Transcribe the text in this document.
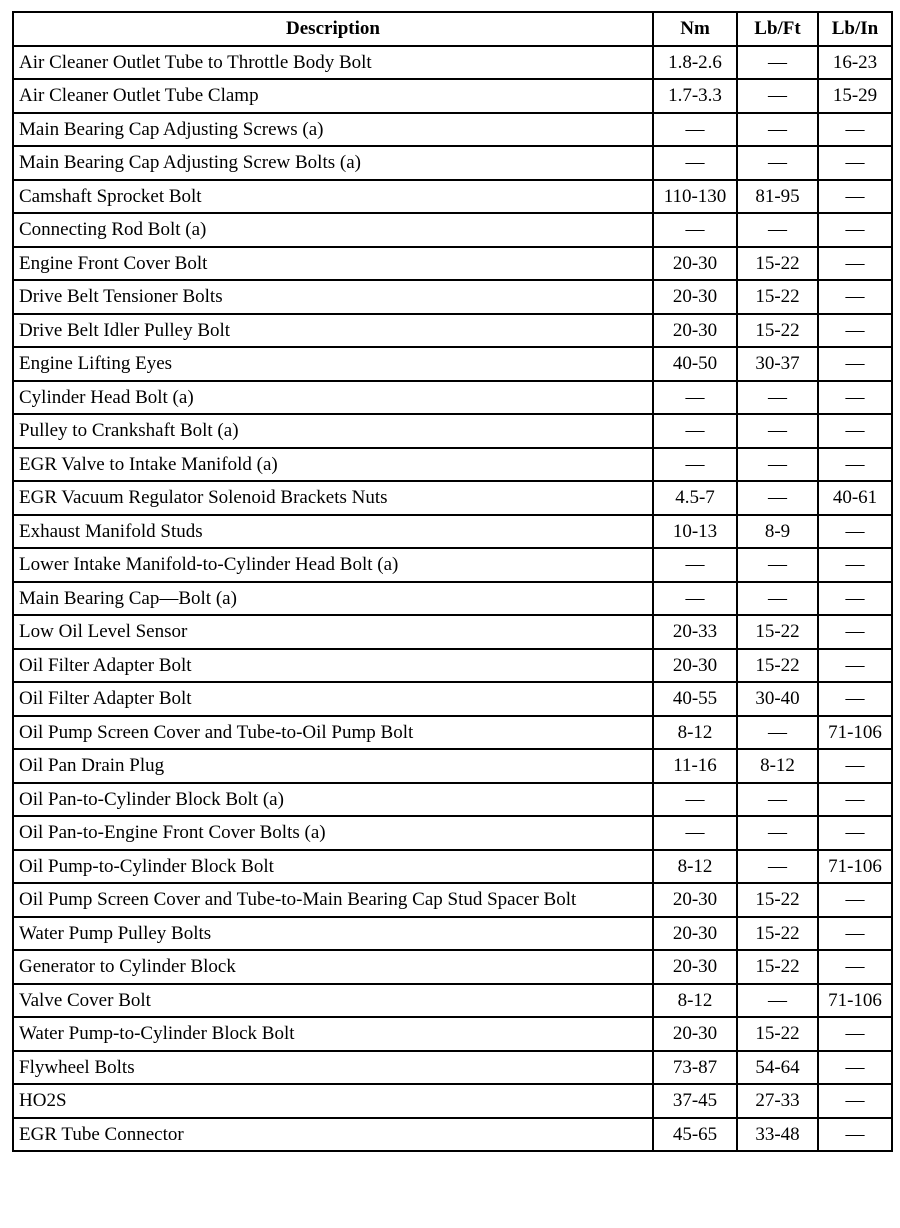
Description	Nm	Lb/Ft	Lb/In
Air Cleaner Outlet Tube to Throttle Body Bolt	1.8-2.6	—	16-23
Air Cleaner Outlet Tube Clamp	1.7-3.3	—	15-29
Main Bearing Cap Adjusting Screws (a)	—	—	—
Main Bearing Cap Adjusting Screw Bolts (a)	—	—	—
Camshaft Sprocket Bolt	110-130	81-95	—
Connecting Rod Bolt (a)	—	—	—
Engine Front Cover Bolt	20-30	15-22	—
Drive Belt Tensioner Bolts	20-30	15-22	—
Drive Belt Idler Pulley Bolt	20-30	15-22	—
Engine Lifting Eyes	40-50	30-37	—
Cylinder Head Bolt (a)	—	—	—
Pulley to Crankshaft Bolt (a)	—	—	—
EGR Valve to Intake Manifold (a)	—	—	—
EGR Vacuum Regulator Solenoid Brackets Nuts	4.5-7	—	40-61
Exhaust Manifold Studs	10-13	8-9	—
Lower Intake Manifold-to-Cylinder Head Bolt (a)	—	—	—
Main Bearing Cap—Bolt (a)	—	—	—
Low Oil Level Sensor	20-33	15-22	—
Oil Filter Adapter Bolt	20-30	15-22	—
Oil Filter Adapter Bolt	40-55	30-40	—
Oil Pump Screen Cover and Tube-to-Oil Pump Bolt	8-12	—	71-106
Oil Pan Drain Plug	11-16	8-12	—
Oil Pan-to-Cylinder Block Bolt (a)	—	—	—
Oil Pan-to-Engine Front Cover Bolts (a)	—	—	—
Oil Pump-to-Cylinder Block Bolt	8-12	—	71-106
Oil Pump Screen Cover and Tube-to-Main Bearing Cap Stud Spacer Bolt	20-30	15-22	—
Water Pump Pulley Bolts	20-30	15-22	—
Generator to Cylinder Block	20-30	15-22	—
Valve Cover Bolt	8-12	—	71-106
Water Pump-to-Cylinder Block Bolt	20-30	15-22	—
Flywheel Bolts	73-87	54-64	—
HO2S	37-45	27-33	—
EGR Tube Connector	45-65	33-48	—
